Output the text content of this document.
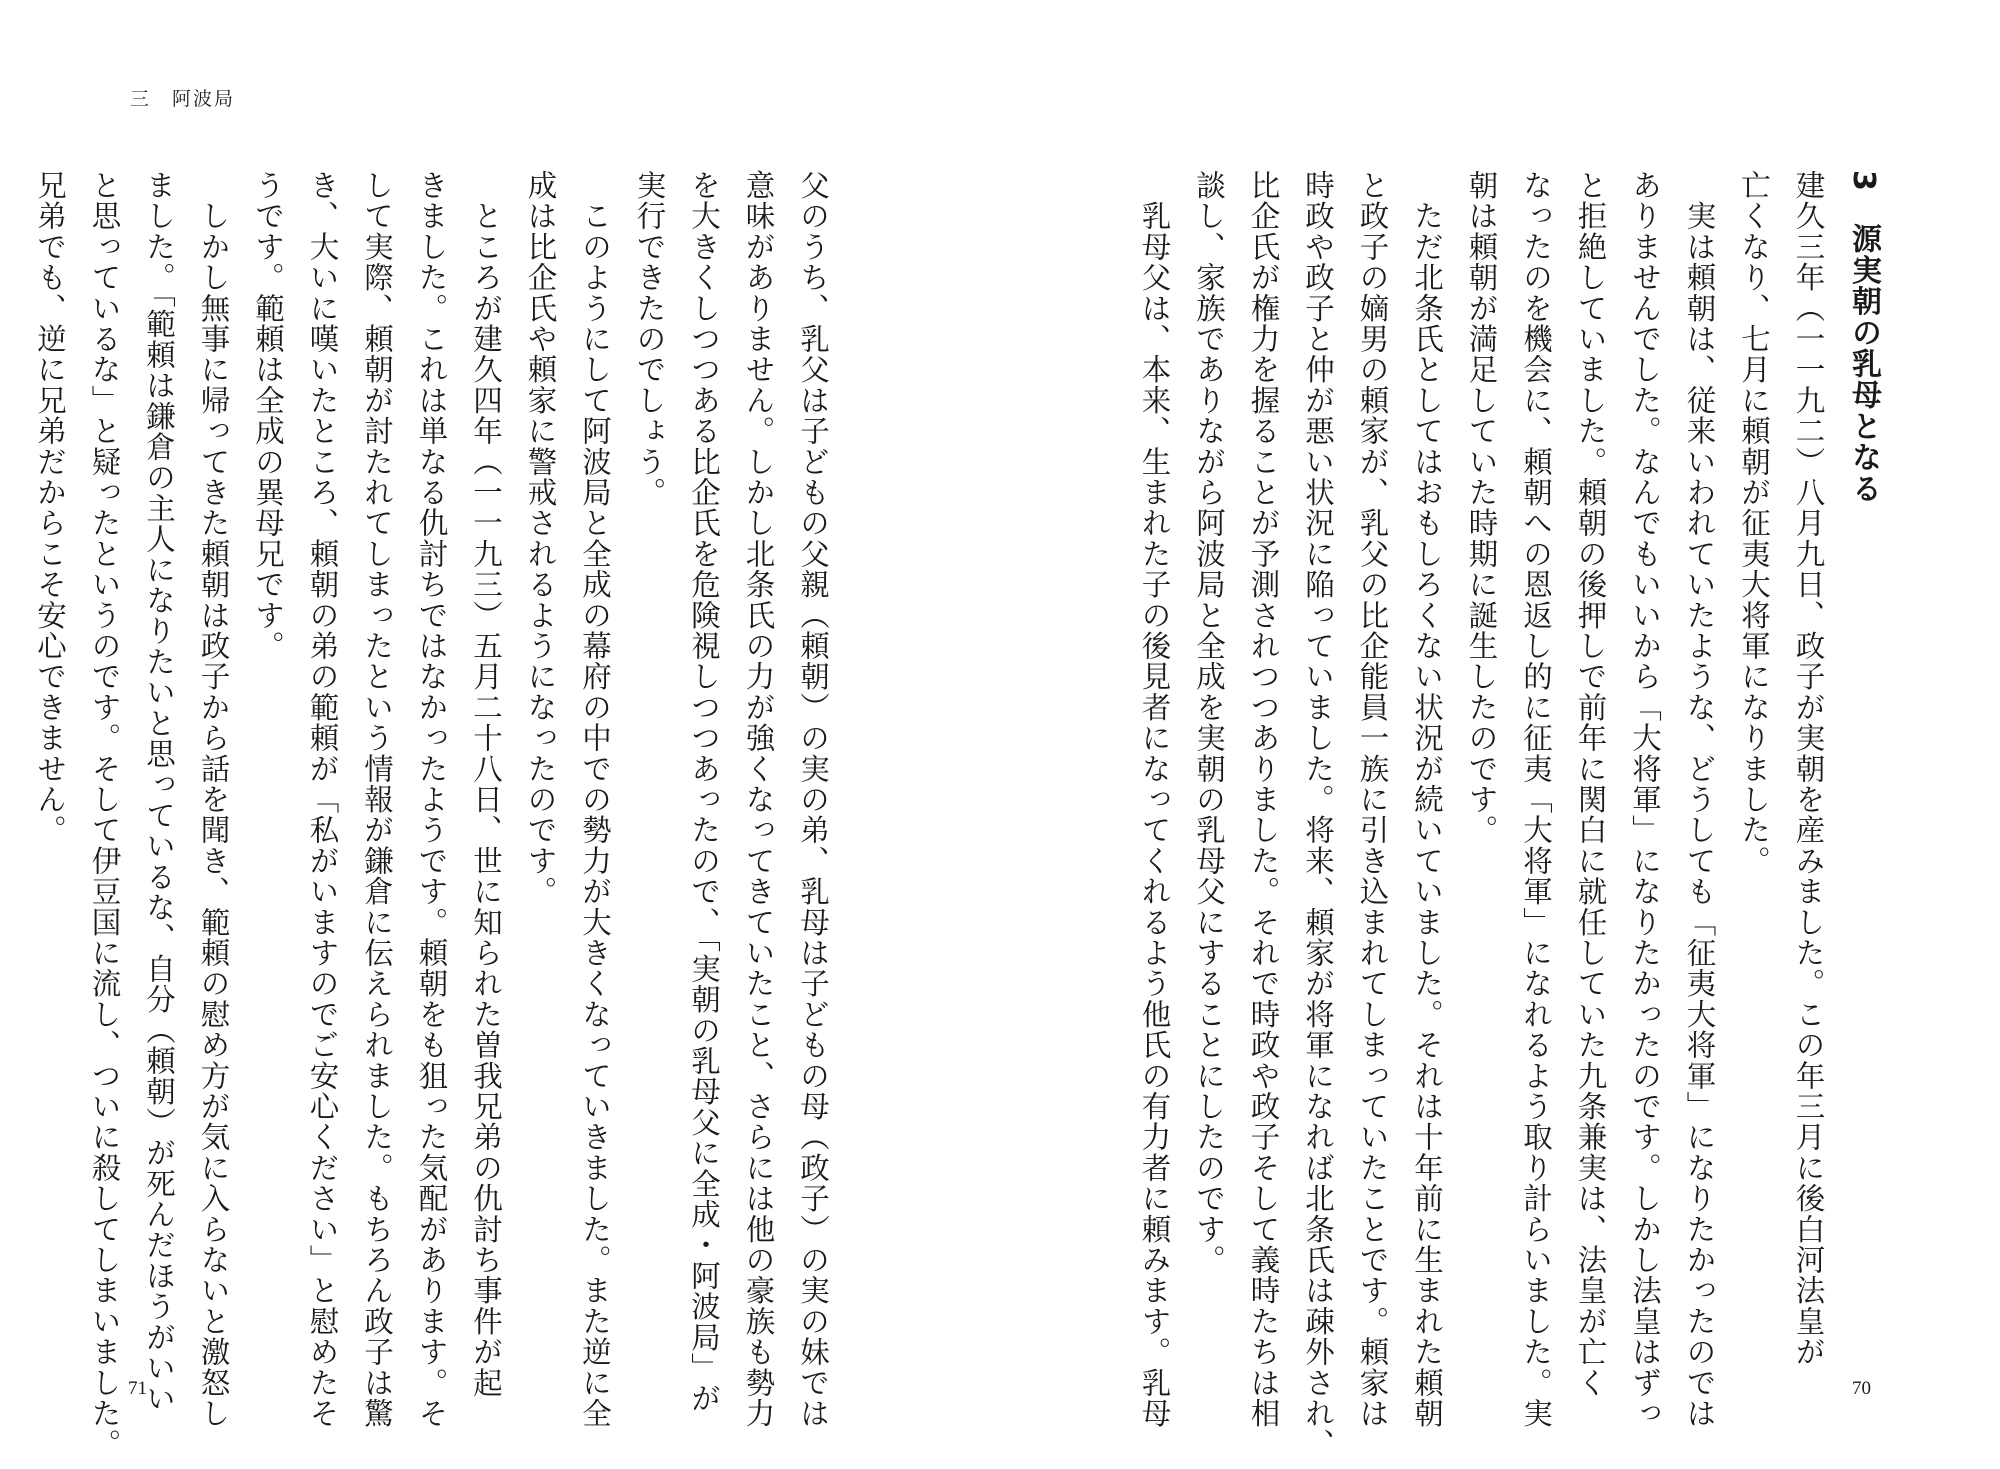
三　阿波局
3　源実朝の乳母となる
建久三年（一一九二）八月九日、政子が実朝を産みました。この年三月に後白河法皇が
亡くなり、七月に頼朝が征夷大将軍になりました。
　実は頼朝は、従来いわれていたような、どうしても「征夷大将軍」になりたかったのでは
ありませんでした。なんでもいいから「大将軍」になりたかったのです。しかし法皇はずっ
と拒絶していました。頼朝の後押しで前年に関白に就任していた九条兼実は、法皇が亡く
なったのを機会に、頼朝への恩返し的に征夷「大将軍」になれるよう取り計らいました。実
朝は頼朝が満足していた時期に誕生したのです。
　ただ北条氏としてはおもしろくない状況が続いていました。それは十年前に生まれた頼朝
と政子の嫡男の頼家が、乳父の比企能員一族に引き込まれてしまっていたことです。頼家は
時政や政子と仲が悪い状況に陥っていました。将来、頼家が将軍になれば北条氏は疎外され、
比企氏が権力を握ることが予測されつつありました。それで時政や政子そして義時たちは相
談し、家族でありながら阿波局と全成を実朝の乳母父にすることにしたのです。
　乳母父は、本来、生まれた子の後見者になってくれるよう他氏の有力者に頼みます。乳母
父のうち、乳父は子どもの父親（頼朝）の実の弟、乳母は子どもの母（政子）の実の妹では
意味がありません。しかし北条氏の力が強くなってきていたこと、さらには他の豪族も勢力
を大きくしつつある比企氏を危険視しつつあったので、「実朝の乳母父に全成・阿波局」が
実行できたのでしょう。
　このようにして阿波局と全成の幕府の中での勢力が大きくなっていきました。また逆に全
成は比企氏や頼家に警戒されるようになったのです。
　ところが建久四年（一一九三）五月二十八日、世に知られた曽我兄弟の仇討ち事件が起
きました。これは単なる仇討ちではなかったようです。頼朝をも狙った気配があります。そ
して実際、頼朝が討たれてしまったという情報が鎌倉に伝えられました。もちろん政子は驚
き、大いに嘆いたところ、頼朝の弟の範頼が「私がいますのでご安心ください」と慰めたそ
うです。範頼は全成の異母兄です。
　しかし無事に帰ってきた頼朝は政子から話を聞き、範頼の慰め方が気に入らないと激怒し
ました。「範頼は鎌倉の主人になりたいと思っているな、自分（頼朝）が死んだほうがいい
と思っているな」と疑ったというのです。そして伊豆国に流し、ついに殺してしまいました。
兄弟でも、逆に兄弟だからこそ安心できません。
71	70
